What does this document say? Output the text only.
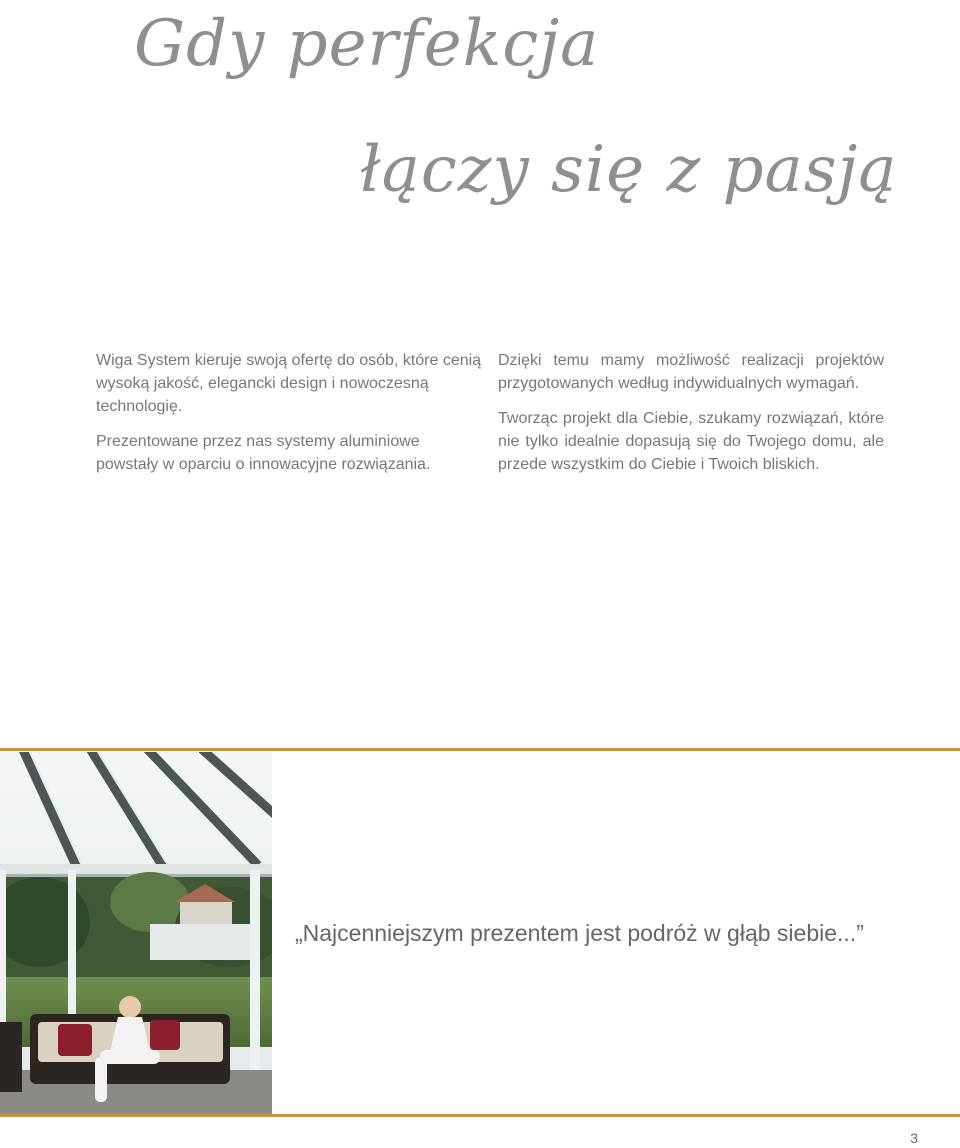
Gdy perfekcja
łączy się z pasją

Wiga System kieruje swoją ofertę do osób, które cenią wysoką jakość, elegancki design i nowoczesną technologię.

Prezentowane przez nas systemy aluminiowe powstały w oparciu o innowacyjne rozwiązania.

Dzięki temu mamy możliwość realizacji projektów przygotowanych według indywidualnych wymagań.

Tworząc projekt dla Ciebie, szukamy rozwiązań, które nie tylko idealnie dopasują się do Twojego domu, ale przede wszystkim do Ciebie i Twoich bliskich.

„Najcenniejszym prezentem jest podróż w głąb siebie...”
3
